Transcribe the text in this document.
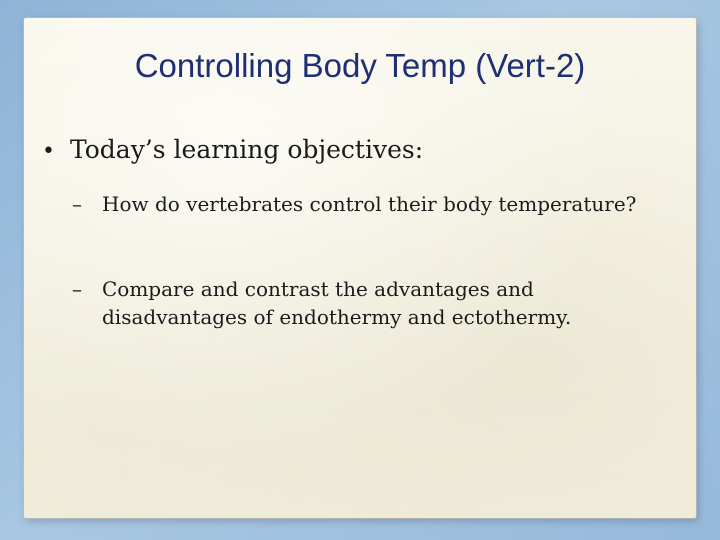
Controlling Body Temp (Vert-2)
• Today’s learning objectives:
–	How do vertebrates control their body temperature?
–	Compare and contrast the advantages and disadvantages of endothermy and ectothermy.
